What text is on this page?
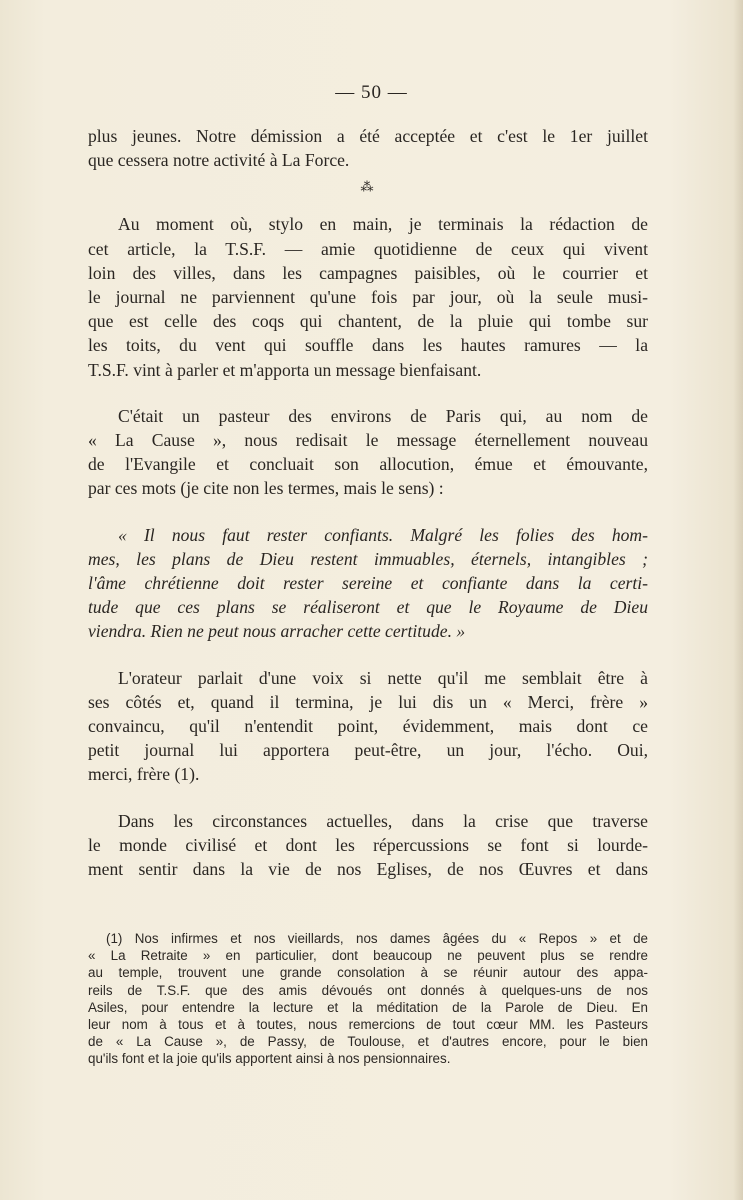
— 50 —

plus jeunes. Notre démission a été acceptée et c'est le 1er juillet
que cessera notre activité à La Force.

⁂

Au moment où, stylo en main, je terminais la rédaction de
cet article, la T.S.F. — amie quotidienne de ceux qui vivent
loin des villes, dans les campagnes paisibles, où le courrier et
le journal ne parviennent qu'une fois par jour, où la seule musi-
que est celle des coqs qui chantent, de la pluie qui tombe sur
les toits, du vent qui souffle dans les hautes ramures — la
T.S.F. vint à parler et m'apporta un message bienfaisant.

C'était un pasteur des environs de Paris qui, au nom de
« La Cause », nous redisait le message éternellement nouveau
de l'Evangile et concluait son allocution, émue et émouvante,
par ces mots (je cite non les termes, mais le sens) :

« Il nous faut rester confiants. Malgré les folies des hom-
mes, les plans de Dieu restent immuables, éternels, intangibles ;
l'âme chrétienne doit rester sereine et confiante dans la certi-
tude que ces plans se réaliseront et que le Royaume de Dieu
viendra. Rien ne peut nous arracher cette certitude. »

L'orateur parlait d'une voix si nette qu'il me semblait être à
ses côtés et, quand il termina, je lui dis un « Merci, frère »
convaincu, qu'il n'entendit point, évidemment, mais dont ce
petit journal lui apportera peut-être, un jour, l'écho. Oui,
merci, frère (1).

Dans les circonstances actuelles, dans la crise que traverse
le monde civilisé et dont les répercussions se font si lourde-
ment sentir dans la vie de nos Eglises, de nos Œuvres et dans

(1) Nos infirmes et nos vieillards, nos dames âgées du « Repos » et de
« La Retraite » en particulier, dont beaucoup ne peuvent plus se rendre
au temple, trouvent une grande consolation à se réunir autour des appa-
reils de T.S.F. que des amis dévoués ont donnés à quelques-uns de nos
Asiles, pour entendre la lecture et la méditation de la Parole de Dieu. En
leur nom à tous et à toutes, nous remercions de tout cœur MM. les Pasteurs
de « La Cause », de Passy, de Toulouse, et d'autres encore, pour le bien
qu'ils font et la joie qu'ils apportent ainsi à nos pensionnaires.
